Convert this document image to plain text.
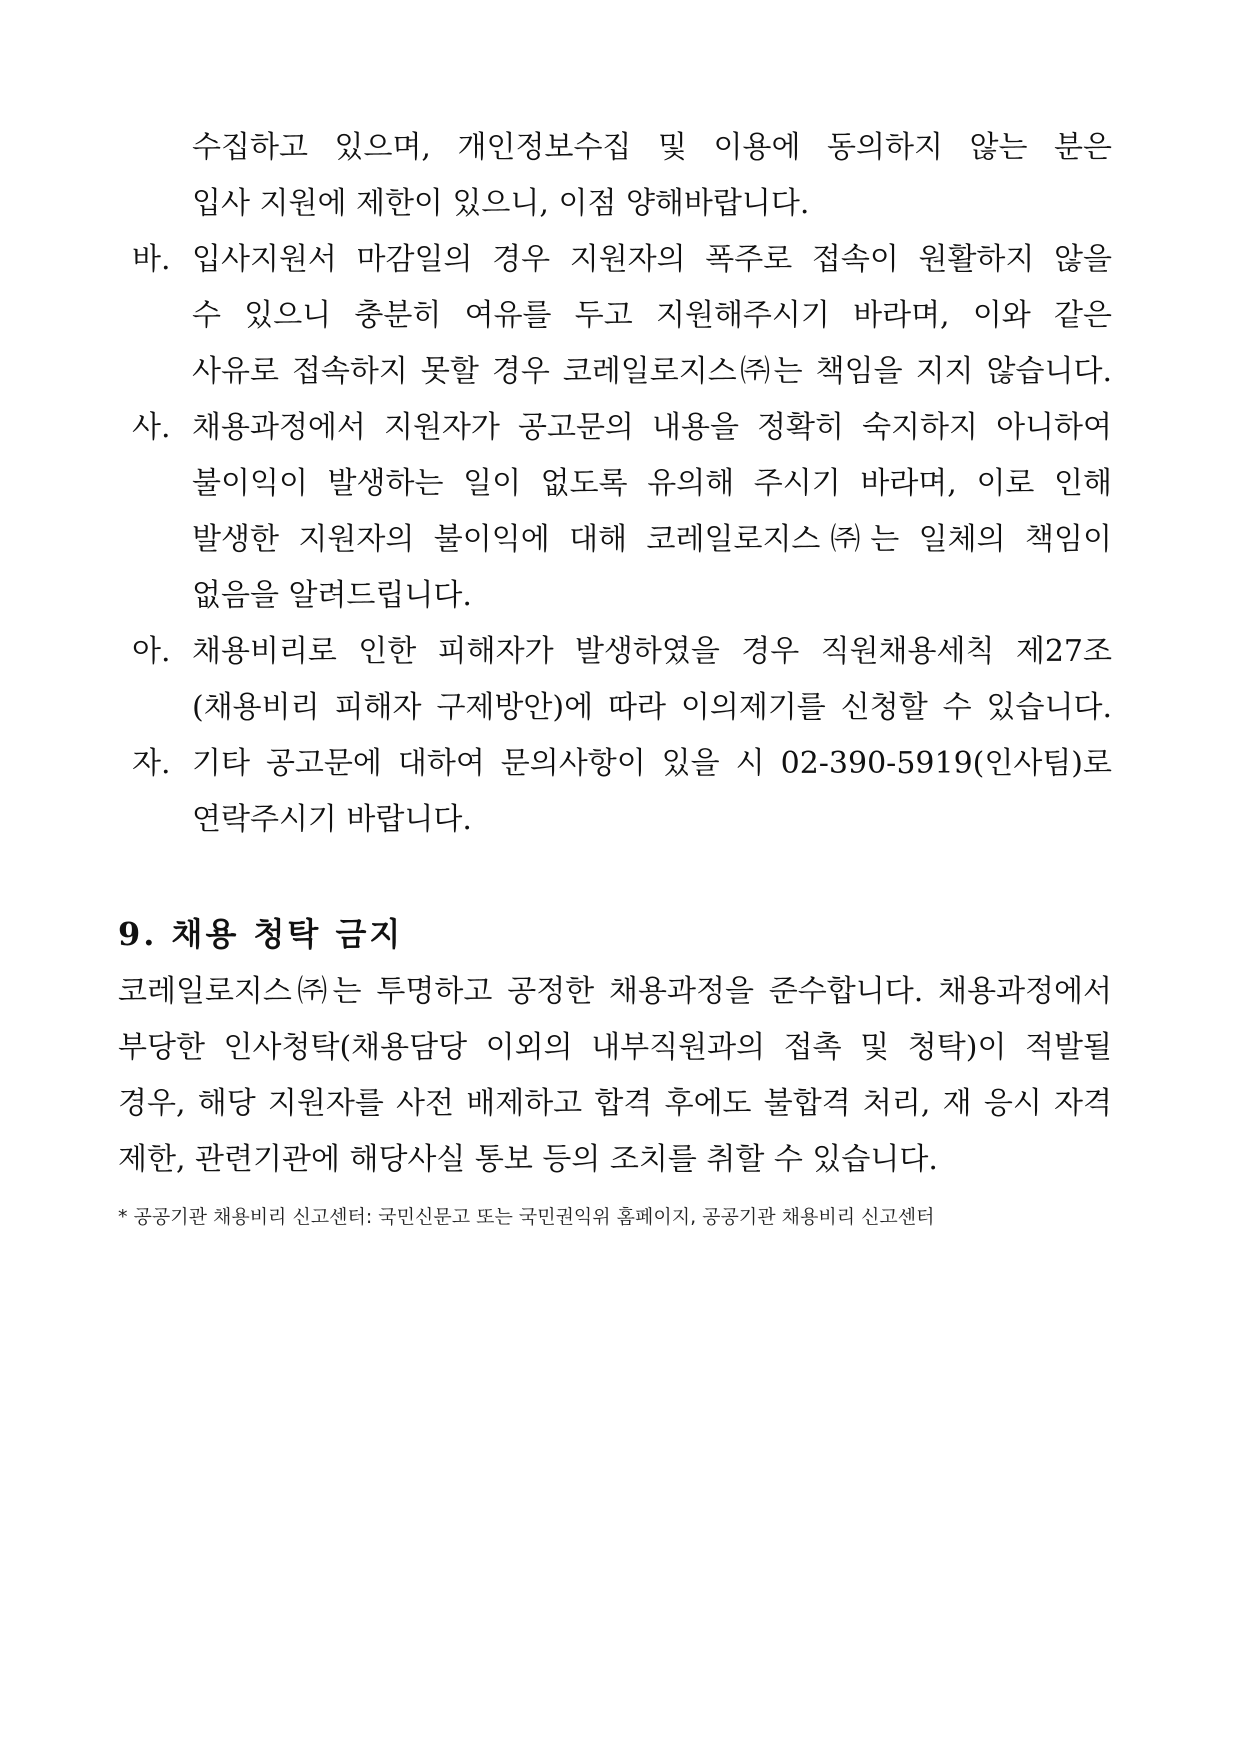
수집하고 있으며, 개인정보수집 및 이용에 동의하지 않는 분은
입사 지원에 제한이 있으니, 이점 양해바랍니다.
바. 입사지원서 마감일의 경우 지원자의 폭주로 접속이 원활하지 않을
수 있으니 충분히 여유를 두고 지원해주시기 바라며, 이와 같은
사유로 접속하지 못할 경우 코레일로지스㈜는 책임을 지지 않습니다.
사. 채용과정에서 지원자가 공고문의 내용을 정확히 숙지하지 아니하여
불이익이 발생하는 일이 없도록 유의해 주시기 바라며, 이로 인해
발생한 지원자의 불이익에 대해 코레일로지스㈜는 일체의 책임이
없음을 알려드립니다.
아. 채용비리로 인한 피해자가 발생하였을 경우 직원채용세칙 제27조
(채용비리 피해자 구제방안)에 따라 이의제기를 신청할 수 있습니다.
자. 기타 공고문에 대하여 문의사항이 있을 시 02-390-5919(인사팀)로
연락주시기 바랍니다.
9. 채용 청탁 금지
코레일로지스㈜는 투명하고 공정한 채용과정을 준수합니다. 채용과정에서
부당한 인사청탁(채용담당 이외의 내부직원과의 접촉 및 청탁)이 적발될
경우, 해당 지원자를 사전 배제하고 합격 후에도 불합격 처리, 재 응시 자격
제한, 관련기관에 해당사실 통보 등의 조치를 취할 수 있습니다.
* 공공기관 채용비리 신고센터: 국민신문고 또는 국민권익위 홈페이지, 공공기관 채용비리 신고센터
